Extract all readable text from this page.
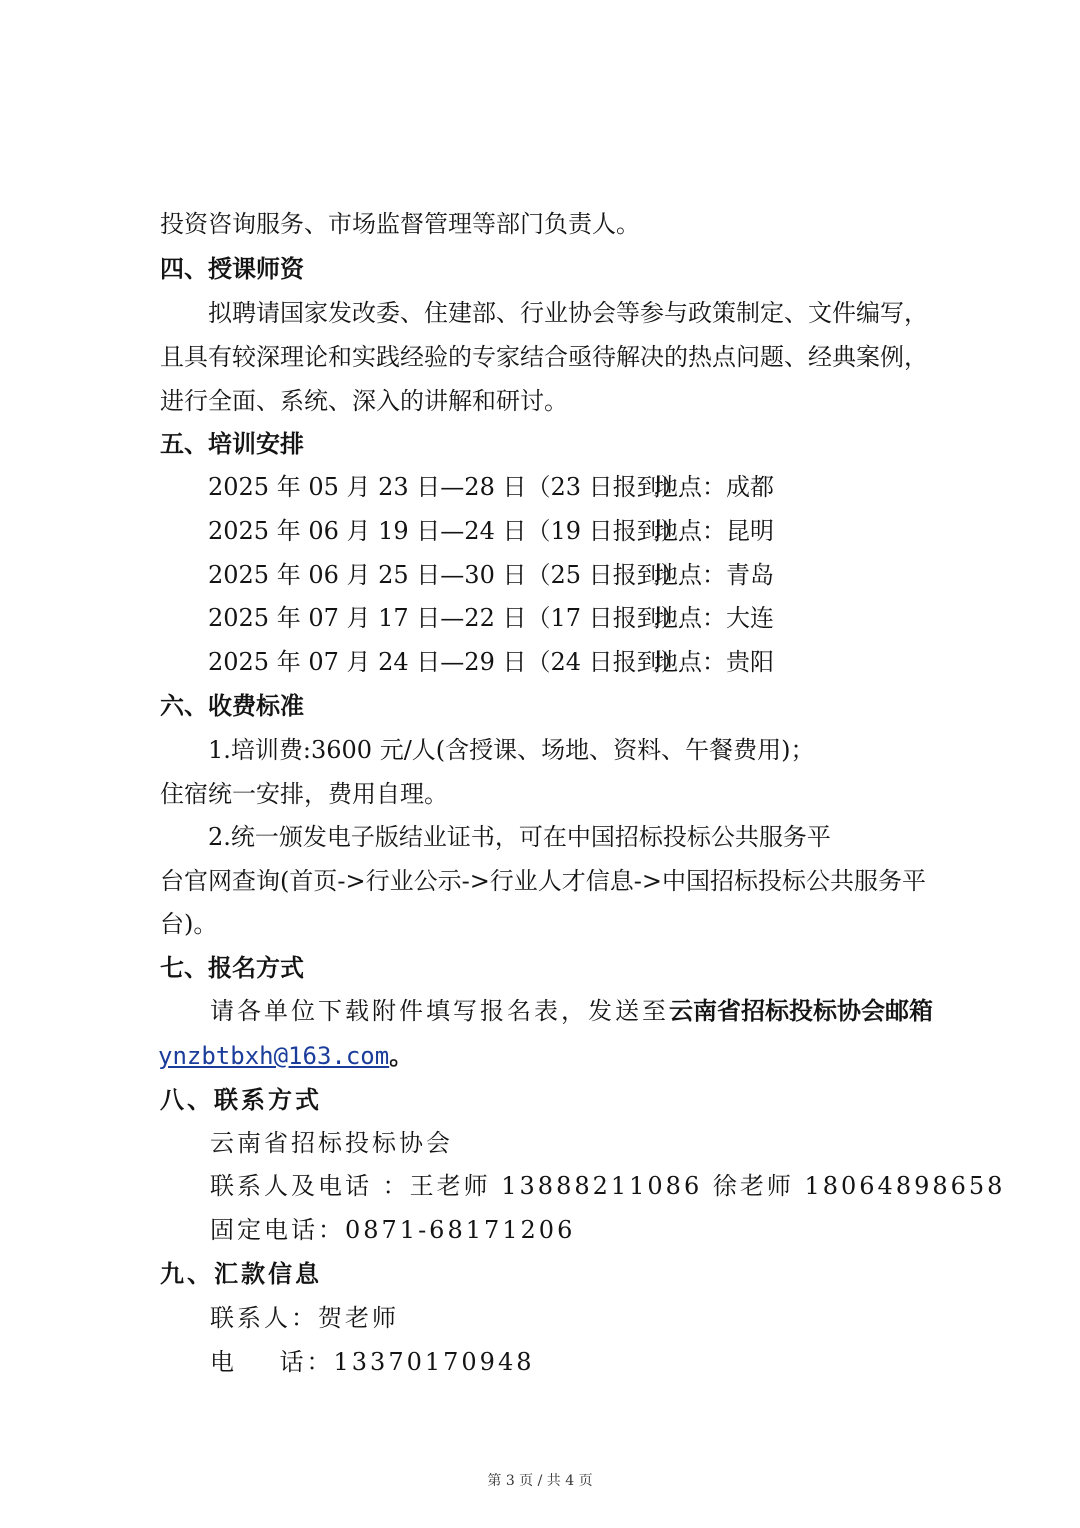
投资咨询服务、市场监督管理等部门负责人。
四、授课师资
拟聘请国家发改委、住建部、行业协会等参与政策制定、文件编写，
且具有较深理论和实践经验的专家结合亟待解决的热点问题、经典案例，
进行全面、系统、深入的讲解和研讨。
五、培训安排
2025 年 05 月 23 日—28 日（23 日报到）地点：成都
2025 年 06 月 19 日—24 日（19 日报到）地点：昆明
2025 年 06 月 25 日—30 日（25 日报到）地点：青岛
2025 年 07 月 17 日—22 日（17 日报到）地点：大连
2025 年 07 月 24 日—29 日（24 日报到）地点：贵阳
六、收费标准
1.培训费:3600 元/人(含授课、场地、资料、午餐费用)；
住宿统一安排，费用自理。
2.统一颁发电子版结业证书，可在中国招标投标公共服务平
台官网查询(首页->行业公示->行业人才信息->中国招标投标公共服务平
台)。
七、报名方式
请各单位下载附件填写报名表，发送至云南省招标投标协会邮箱
ynzbtbxh@163.com。
八、联系方式
云南省招标投标协会
联系人及电话 ：王老师 13888211086 徐老师 18064898658
固定电话：0871-68171206
九、汇款信息
联系人：贺老师
电    话：13370170948
第 3 页 / 共 4 页
